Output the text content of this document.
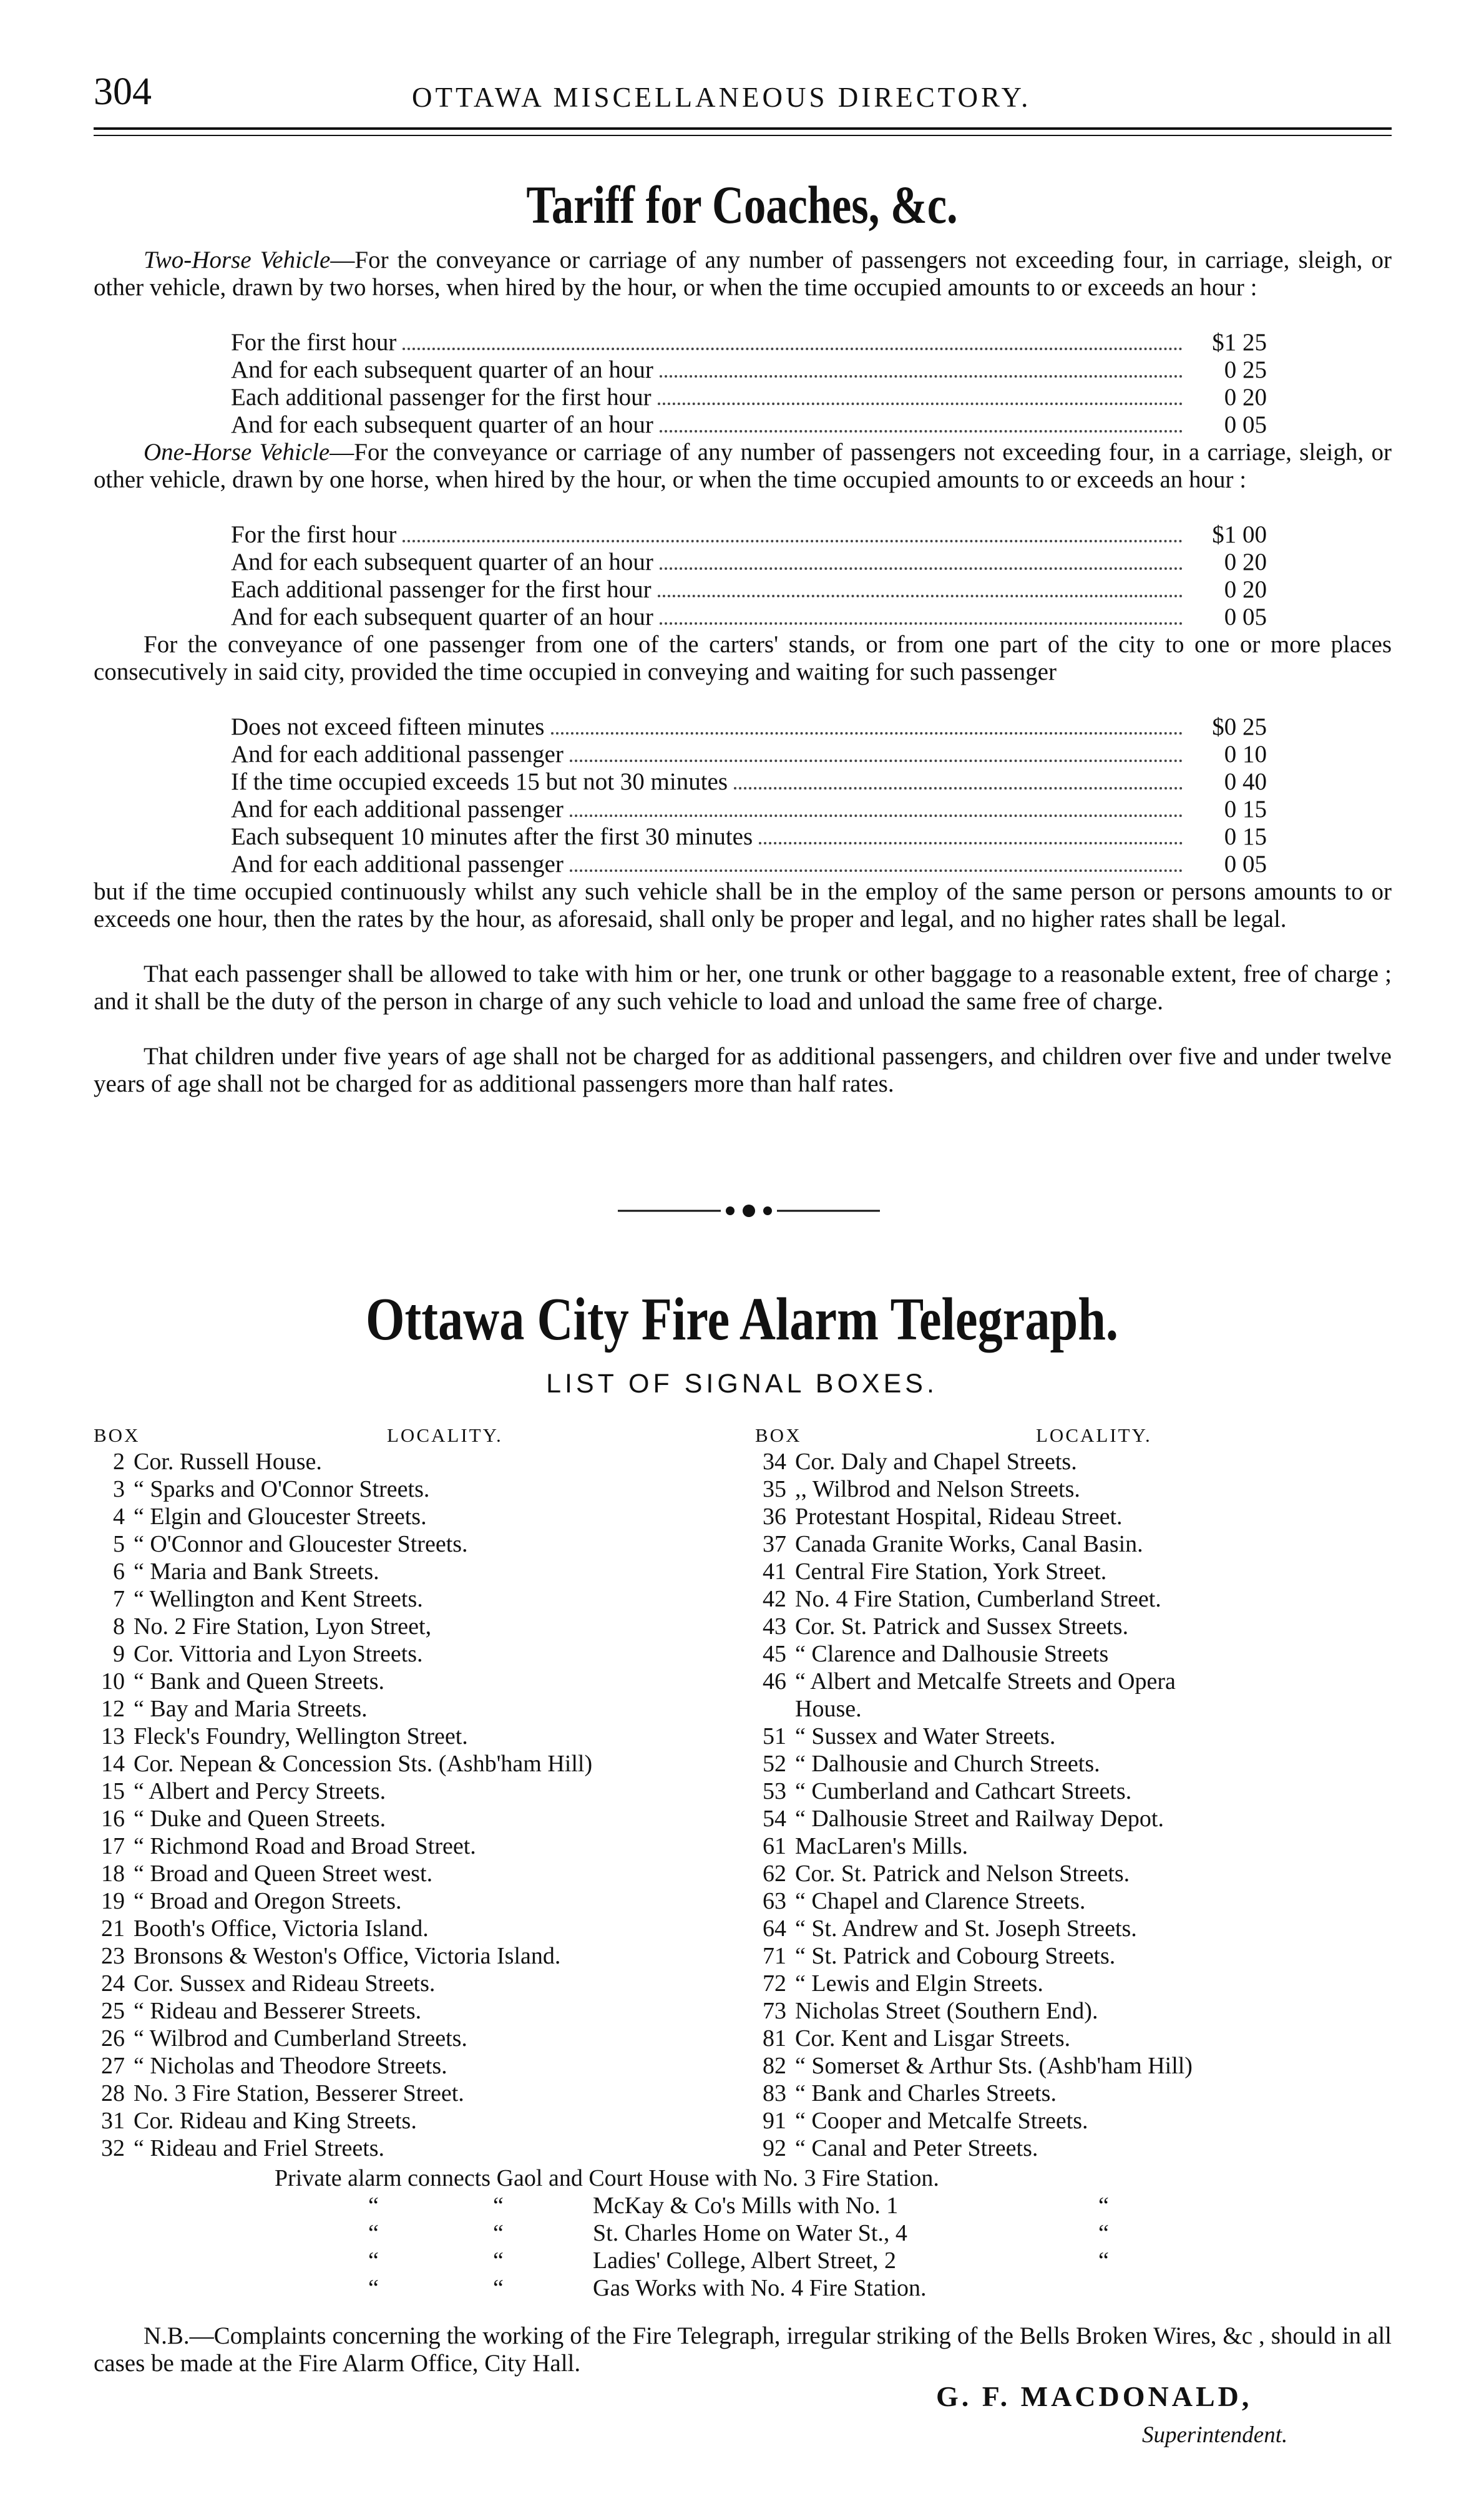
304	OTTAWA MISCELLANEOUS DIRECTORY.
Tariff for Coaches, &c.
Two-Horse Vehicle—For the conveyance or carriage of any number of passengers not exceeding four, in carriage, sleigh, or other vehicle, drawn by two horses, when hired by the hour, or when the time occupied amounts to or exceeds an hour :
For the first hour	$1 25
And for each subsequent quarter of an hour	0 25
Each additional passenger for the first hour	0 20
And for each subsequent quarter of an hour	0 05
One-Horse Vehicle—For the conveyance or carriage of any number of passengers not exceeding four, in a carriage, sleigh, or other vehicle, drawn by one horse, when hired by the hour, or when the time occupied amounts to or exceeds an hour :
For the first hour	$1 00
And for each subsequent quarter of an hour	0 20
Each additional passenger for the first hour	0 20
And for each subsequent quarter of an hour	0 05
For the conveyance of one passenger from one of the carters' stands, or from one part of the city to one or more places consecutively in said city, provided the time occupied in conveying and waiting for such passenger
Does not exceed fifteen minutes	$0 25
And for each additional passenger	0 10
If the time occupied exceeds 15 but not 30 minutes	0 40
And for each additional passenger	0 15
Each subsequent 10 minutes after the first 30 minutes	0 15
And for each additional passenger	0 05
but if the time occupied continuously whilst any such vehicle shall be in the employ of the same person or persons amounts to or exceeds one hour, then the rates by the hour, as aforesaid, shall only be proper and legal, and no higher rates shall be legal.
That each passenger shall be allowed to take with him or her, one trunk or other baggage to a reasonable extent, free of charge ; and it shall be the duty of the person in charge of any such vehicle to load and unload the same free of charge.
That children under five years of age shall not be charged for as additional passengers, and children over five and under twelve years of age shall not be charged for as additional passengers more than half rates.
Ottawa City Fire Alarm Telegraph.
LIST OF SIGNAL BOXES.
BOX	LOCALITY.	BOX	LOCALITY.
2 Cor. Russell House.
3 “ Sparks and O'Connor Streets.
4 “ Elgin and Gloucester Streets.
5 “ O'Connor and Gloucester Streets.
6 “ Maria and Bank Streets.
7 “ Wellington and Kent Streets.
8 No. 2 Fire Station, Lyon Street,
9 Cor. Vittoria and Lyon Streets.
10 “ Bank and Queen Streets.
12 “ Bay and Maria Streets.
13 Fleck's Foundry, Wellington Street.
14 Cor. Nepean & Concession Sts. (Ashb'ham Hill)
15 “ Albert and Percy Streets.
16 “ Duke and Queen Streets.
17 “ Richmond Road and Broad Street.
18 “ Broad and Queen Street west.
19 “ Broad and Oregon Streets.
21 Booth's Office, Victoria Island.
23 Bronsons & Weston's Office, Victoria Island.
24 Cor. Sussex and Rideau Streets.
25 “ Rideau and Besserer Streets.
26 “ Wilbrod and Cumberland Streets.
27 “ Nicholas and Theodore Streets.
28 No. 3 Fire Station, Besserer Street.
31 Cor. Rideau and King Streets.
32 “ Rideau and Friel Streets.
34 Cor. Daly and Chapel Streets.
35 ,, Wilbrod and Nelson Streets.
36 Protestant Hospital, Rideau Street.
37 Canada Granite Works, Canal Basin.
41 Central Fire Station, York Street.
42 No. 4 Fire Station, Cumberland Street.
43 Cor. St. Patrick and Sussex Streets.
45 “ Clarence and Dalhousie Streets
46 “ Albert and Metcalfe Streets and Opera
House.
51 “ Sussex and Water Streets.
52 “ Dalhousie and Church Streets.
53 “ Cumberland and Cathcart Streets.
54 “ Dalhousie Street and Railway Depot.
61 MacLaren's Mills.
62 Cor. St. Patrick and Nelson Streets.
63 “ Chapel and Clarence Streets.
64 “ St. Andrew and St. Joseph Streets.
71 “ St. Patrick and Cobourg Streets.
72 “ Lewis and Elgin Streets.
73 Nicholas Street (Southern End).
81 Cor. Kent and Lisgar Streets.
82 “ Somerset & Arthur Sts. (Ashb'ham Hill)
83 “ Bank and Charles Streets.
91 “ Cooper and Metcalfe Streets.
92 “ Canal and Peter Streets.
Private alarm connects Gaol and Court House with No. 3 Fire Station.
“	“	McKay & Co's Mills with No. 1	“
“	“	St. Charles Home on Water St., 4	“
“	“	Ladies' College, Albert Street, 2	“
“	“	Gas Works with No. 4 Fire Station.
N.B.—Complaints concerning the working of the Fire Telegraph, irregular striking of the Bells Broken Wires, &c , should in all cases be made at the Fire Alarm Office, City Hall.
G. F. MACDONALD,
Superintendent.
